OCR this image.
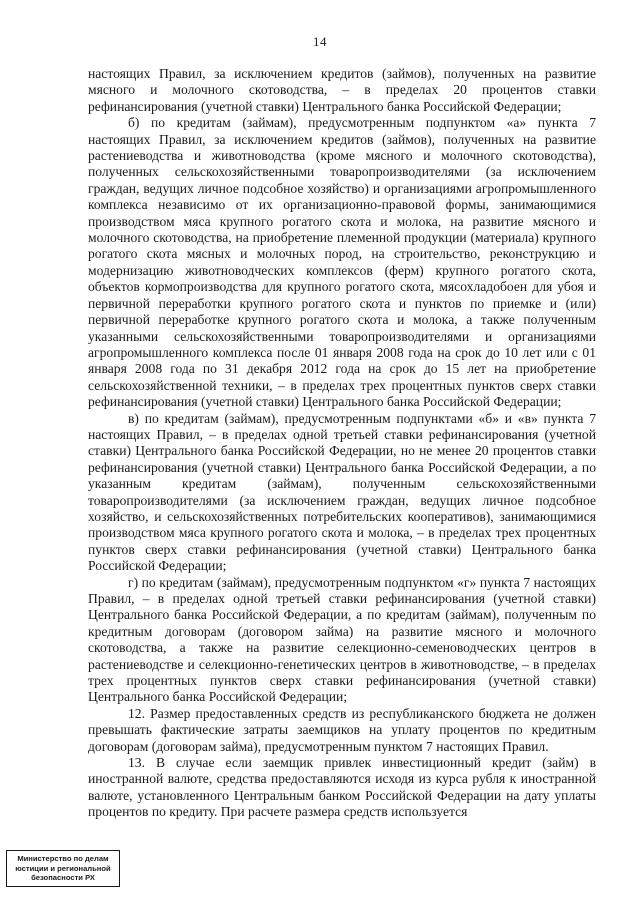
14

настоящих Правил, за исключением кредитов (займов), полученных на развитие мясного и молочного скотоводства, – в пределах 20 процентов ставки рефинансирования (учетной ставки) Центрального банка Российской Федерации;

б) по кредитам (займам), предусмотренным подпунктом «а» пункта 7 настоящих Правил, за исключением кредитов (займов), полученных на развитие растениеводства и животноводства (кроме мясного и молочного скотоводства), полученных сельскохозяйственными товаропроизводителями (за исключением граждан, ведущих личное подсобное хозяйство) и организациями агропромышленного комплекса независимо от их организационно-правовой формы, занимающимися производством мяса крупного рогатого скота и молока, на развитие мясного и молочного скотоводства, на приобретение племенной продукции (материала) крупного рогатого скота мясных и молочных пород, на строительство, реконструкцию и модернизацию животноводческих комплексов (ферм) крупного рогатого скота, объектов кормопроизводства для крупного рогатого скота, мясохладобоен для убоя и первичной переработки крупного рогатого скота и пунктов по приемке и (или) первичной переработке крупного рогатого скота и молока, а также полученным указанными сельскохозяйственными товаропроизводителями и организациями агропромышленного комплекса после 01 января 2008 года на срок до 10 лет или с 01 января 2008 года по 31 декабря 2012 года на срок до 15 лет на приобретение сельскохозяйственной техники, – в пределах трех процентных пунктов сверх ставки рефинансирования (учетной ставки) Центрального банка Российской Федерации;

в) по кредитам (займам), предусмотренным подпунктами «б» и «в» пункта 7 настоящих Правил, – в пределах одной третьей ставки рефинансирования (учетной ставки) Центрального банка Российской Федерации, но не менее 20 процентов ставки рефинансирования (учетной ставки) Центрального банка Российской Федерации, а по указанным кредитам (займам), полученным сельскохозяйственными товаропроизводителями (за исключением граждан, ведущих личное подсобное хозяйство, и сельскохозяйственных потребительских кооперативов), занимающимися производством мяса крупного рогатого скота и молока, – в пределах трех процентных пунктов сверх ставки рефинансирования (учетной ставки) Центрального банка Российской Федерации;

г) по кредитам (займам), предусмотренным подпунктом «г» пункта 7 настоящих Правил, – в пределах одной третьей ставки рефинансирования (учетной ставки) Центрального банка Российской Федерации, а по кредитам (займам), полученным по кредитным договорам (договором займа) на развитие мясного и молочного скотоводства, а также на развитие селекционно-семеноводческих центров в растениеводстве и селекционно-генетических центров в животноводстве, – в пределах трех процентных пунктов сверх ставки рефинансирования (учетной ставки) Центрального банка Российской Федерации;

12. Размер предоставленных средств из республиканского бюджета не должен превышать фактические затраты заемщиков на уплату процентов по кредитным договорам (договорам займа), предусмотренным пунктом 7 настоящих Правил.

13. В случае если заемщик привлек инвестиционный кредит (займ) в иностранной валюте, средства предоставляются исходя из курса рубля к иностранной валюте, установленного Центральным банком Российской Федерации на дату уплаты процентов по кредиту. При расчете размера средств используется

Министерство по делам
юстиции и региональной
безопасности РХ
